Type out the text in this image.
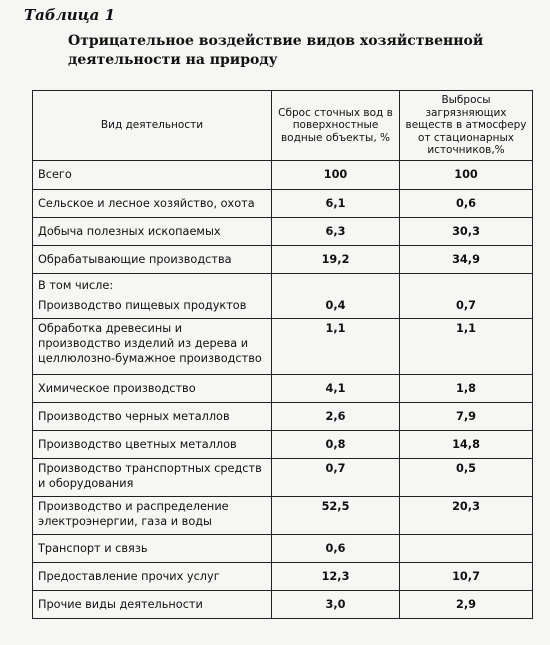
Таблица 1
Отрицательное воздействие видов хозяйственной деятельности на природу
Вид деятельности	Сброс сточных вод в поверхностные водные объекты, %	Выбросы загрязняющих веществ в атмосферу от стационарных источников,%
Всего	100	100
Сельское и лесное хозяйство, охота	6,1	0,6
Добыча полезных ископаемых	6,3	30,3
Обрабатывающие производства	19,2	34,9
В том числе:		
Производство пищевых продуктов	0,4	0,7
Обработка древесины и производство изделий из дерева и целлюлозно-бумажное производство	1,1	1,1
Химическое производство	4,1	1,8
Производство черных металлов	2,6	7,9
Производство цветных металлов	0,8	14,8
Производство транспортных средств и оборудования	0,7	0,5
Производство и распределение электроэнергии, газа и воды	52,5	20,3
Транспорт и связь	0,6	
Предоставление прочих услуг	12,3	10,7
Прочие виды деятельности	3,0	2,9
